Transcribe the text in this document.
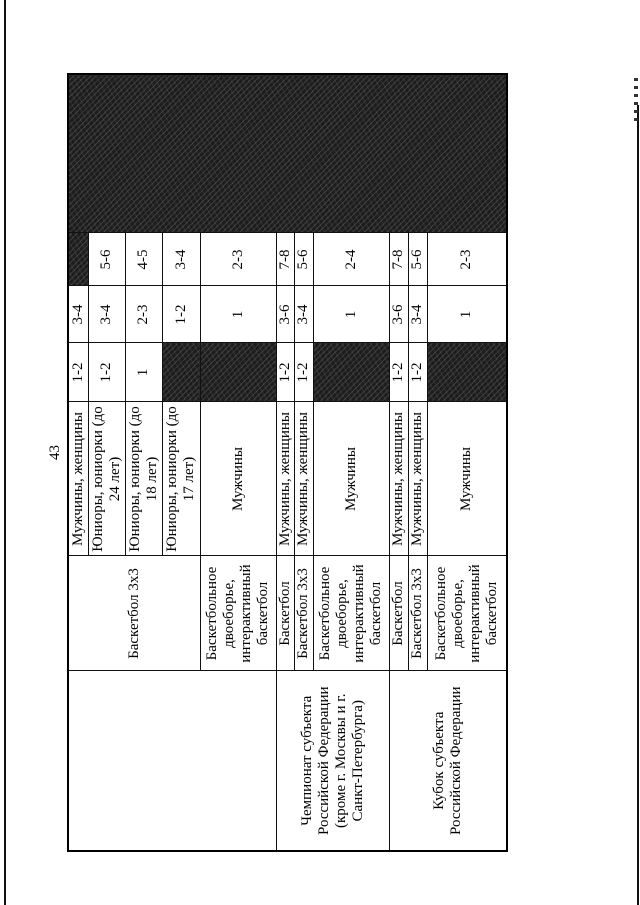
43
	Баскетбол 3x3	Мужчины, женщины	1-2	3-4		
		Юниоры, юниорки (до 24 лет)	1-2	3-4	5-6	
		Юниоры, юниорки (до 18 лет)	1	2-3	4-5	
		Юниоры, юниорки (до 17 лет)		1-2	3-4	
	Баскетбольное двоеборье, интерактивный баскетбол	Мужчины		1	2-3	
Чемпионат субъекта Российской Федерации (кроме г. Москвы и г. Санкт-Петербурга)	Баскетбол	Мужчины, женщины	1-2	3-6	7-8	
	Баскетбол 3x3	Мужчины, женщины	1-2	3-4	5-6	
	Баскетбольное двоеборье, интерактивный баскетбол	Мужчины		1	2-4	
Кубок субъекта Российской Федерации	Баскетбол	Мужчины, женщины	1-2	3-6	7-8	
	Баскетбол 3x3	Мужчины, женщины	1-2	3-4	5-6	
	Баскетбольное двоеборье, интерактивный баскетбол	Мужчины		1	2-3	
